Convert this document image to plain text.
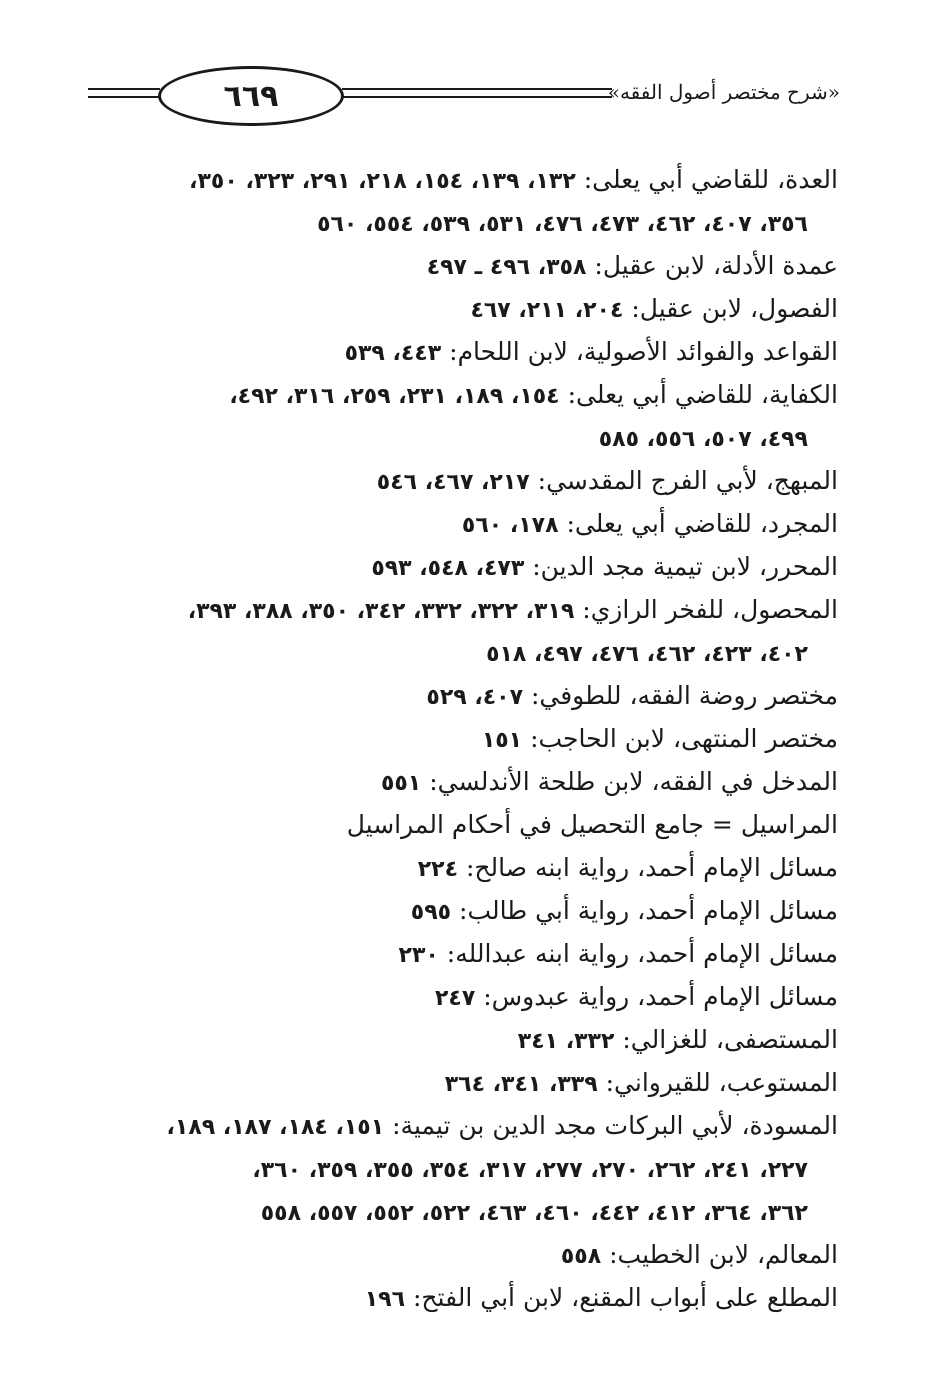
٦٦٩	«شرح مختصر أصول الفقه»
العدة، للقاضي أبي يعلى: ١٣٢، ١٣٩، ١٥٤، ٢١٨، ٢٩١، ٣٢٣، ٣٥٠،
٣٥٦، ٤٠٧، ٤٦٢، ٤٧٣، ٤٧٦، ٥٣١، ٥٣٩، ٥٥٤، ٥٦٠
عمدة الأدلة، لابن عقيل: ٣٥٨، ٤٩٦ ـ ٤٩٧
الفصول، لابن عقيل: ٢٠٤، ٢١١، ٤٦٧
القواعد والفوائد الأصولية، لابن اللحام: ٤٤٣، ٥٣٩
الكفاية، للقاضي أبي يعلى: ١٥٤، ١٨٩، ٢٣١، ٢٥٩، ٣١٦، ٤٩٢،
٤٩٩، ٥٠٧، ٥٥٦، ٥٨٥
المبهج، لأبي الفرج المقدسي: ٢١٧، ٤٦٧، ٥٤٦
المجرد، للقاضي أبي يعلى: ١٧٨، ٥٦٠
المحرر، لابن تيمية مجد الدين: ٤٧٣، ٥٤٨، ٥٩٣
المحصول، للفخر الرازي: ٣١٩، ٣٢٢، ٣٣٢، ٣٤٢، ٣٥٠، ٣٨٨، ٣٩٣،
٤٠٢، ٤٢٣، ٤٦٢، ٤٧٦، ٤٩٧، ٥١٨
مختصر روضة الفقه، للطوفي: ٤٠٧، ٥٢٩
مختصر المنتهى، لابن الحاجب: ١٥١
المدخل في الفقه، لابن طلحة الأندلسي: ٥٥١
المراسيل = جامع التحصيل في أحكام المراسيل
مسائل الإمام أحمد، رواية ابنه صالح: ٢٢٤
مسائل الإمام أحمد، رواية أبي طالب: ٥٩٥
مسائل الإمام أحمد، رواية ابنه عبدالله: ٢٣٠
مسائل الإمام أحمد، رواية عبدوس: ٢٤٧
المستصفى، للغزالي: ٣٣٢، ٣٤١
المستوعب، للقيرواني: ٣٣٩، ٣٤١، ٣٦٤
المسودة، لأبي البركات مجد الدين بن تيمية: ١٥١، ١٨٤، ١٨٧، ١٨٩،
٢٢٧، ٢٤١، ٢٦٢، ٢٧٠، ٢٧٧، ٣١٧، ٣٥٤، ٣٥٥، ٣٥٩، ٣٦٠،
٣٦٢، ٣٦٤، ٤١٢، ٤٤٢، ٤٦٠، ٤٦٣، ٥٢٢، ٥٥٢، ٥٥٧، ٥٥٨
المعالم، لابن الخطيب: ٥٥٨
المطلع على أبواب المقنع، لابن أبي الفتح: ١٩٦
